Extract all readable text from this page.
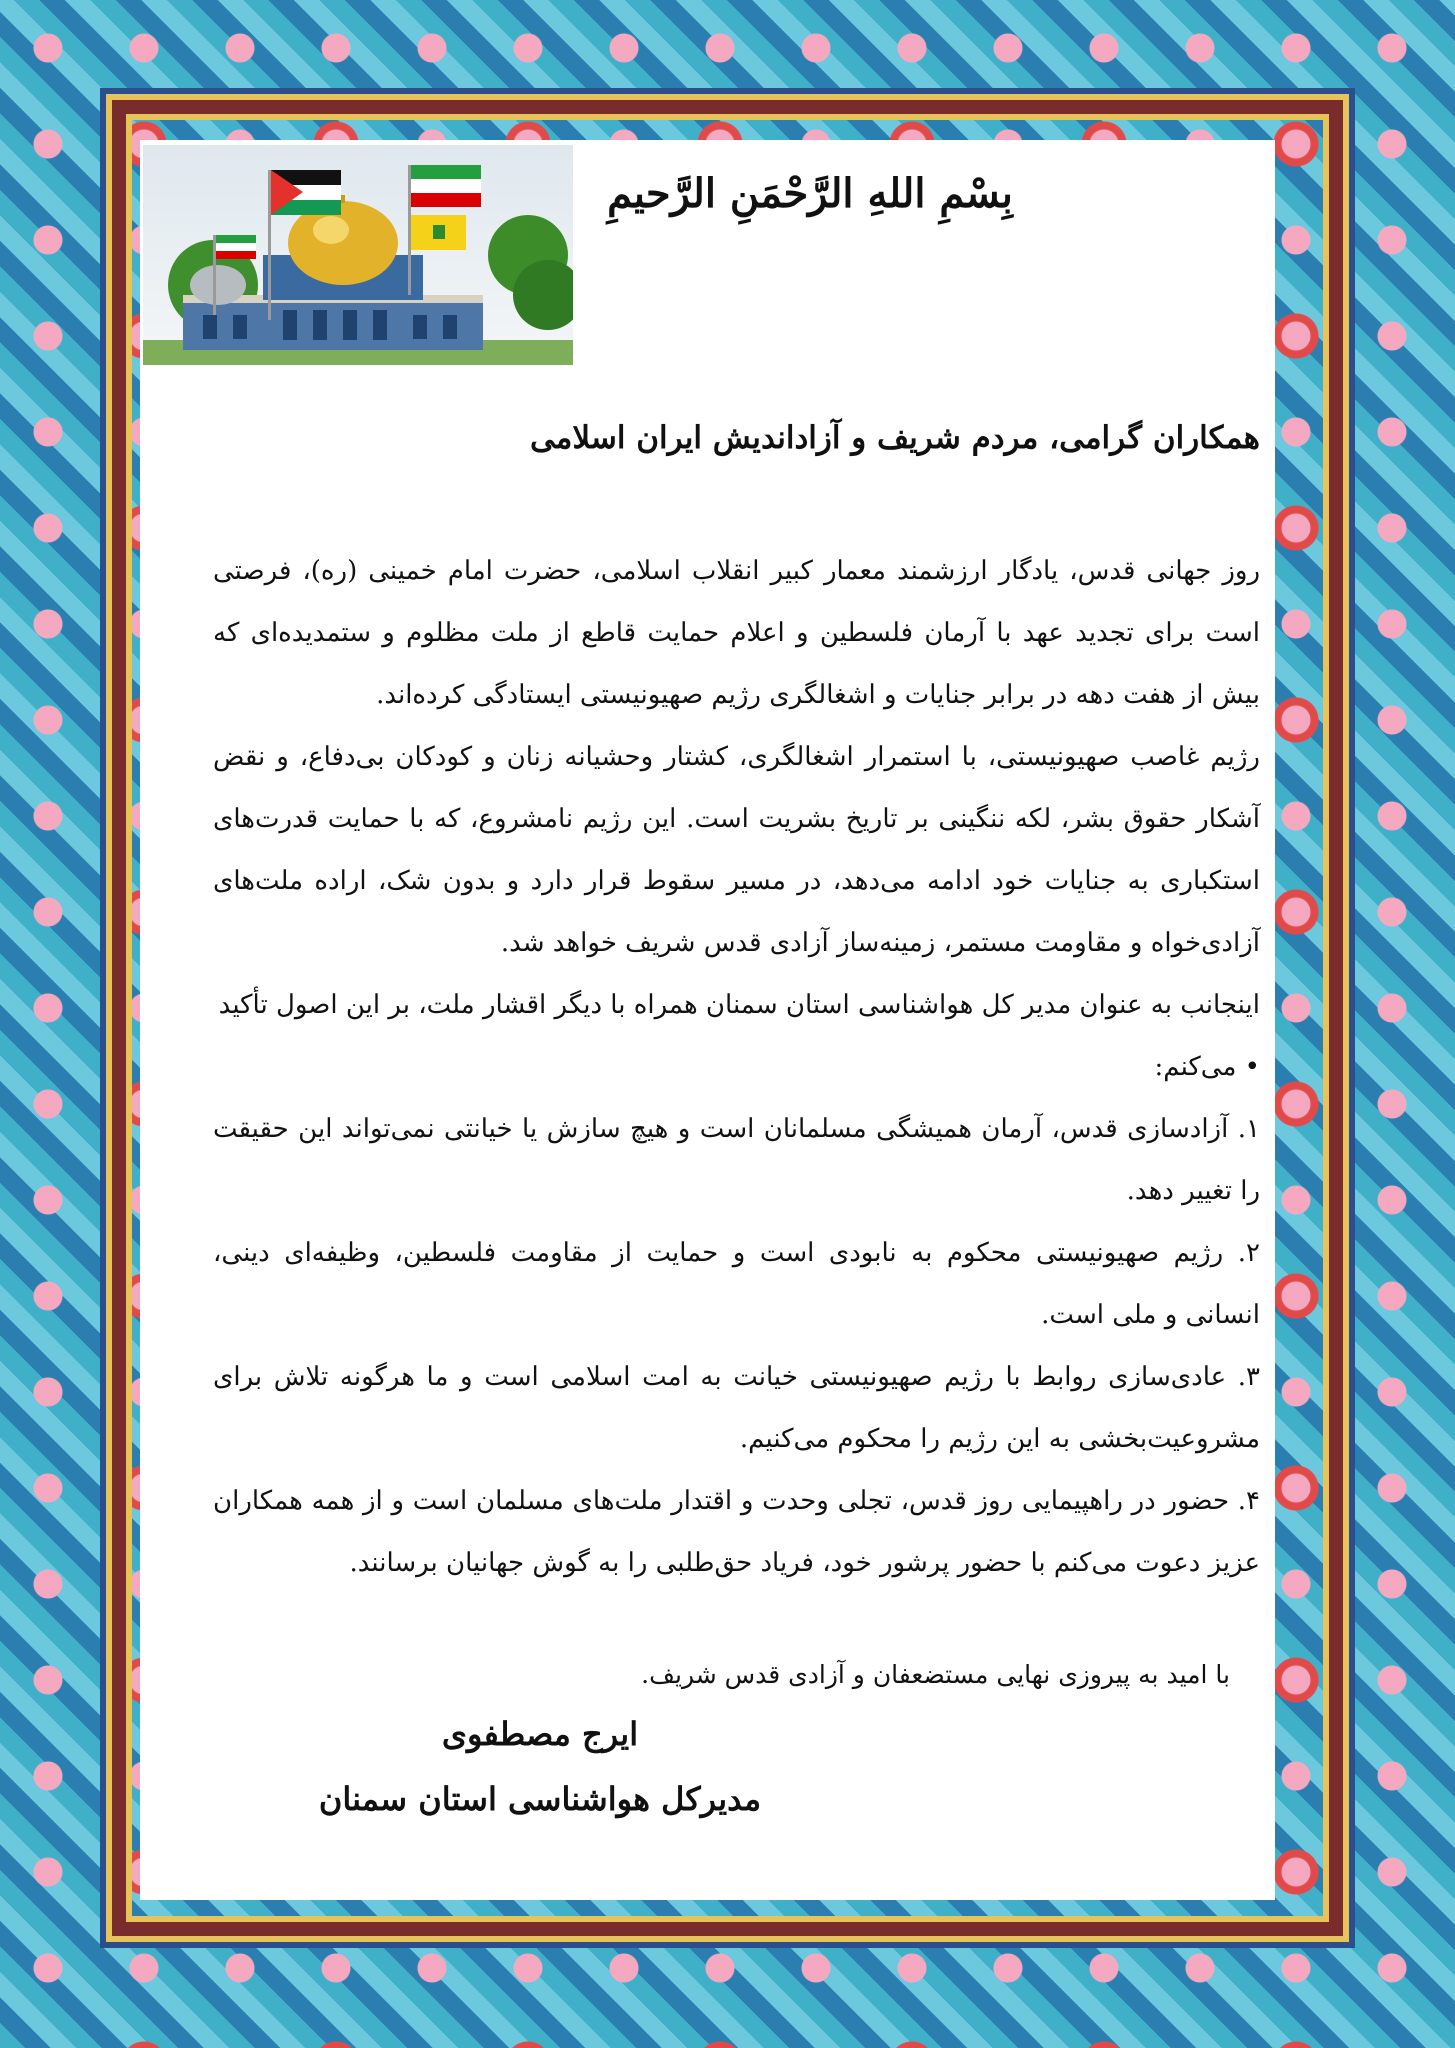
بِسْمِ اللهِ الرَّحْمَنِ الرَّحیمِ
همکاران گرامی، مردم شریف و آزاداندیش ایران اسلامی

روز جهانی قدس، یادگار ارزشمند معمار کبیر انقلاب اسلامی، حضرت امام خمینی (ره)، فرصتی است برای تجدید عهد با آرمان فلسطین و اعلام حمایت قاطع از ملت مظلوم و ستمدیده‌ای که بیش از هفت دهه در برابر جنایات و اشغالگری رژیم صهیونیستی ایستادگی کرده‌اند.

رژیم غاصب صهیونیستی، با استمرار اشغالگری، کشتار وحشیانه زنان و کودکان بی‌دفاع، و نقض آشکار حقوق بشر، لکه ننگینی بر تاریخ بشریت است. این رژیم نامشروع، که با حمایت قدرت‌های استکباری به جنایات خود ادامه می‌دهد، در مسیر سقوط قرار دارد و بدون شک، اراده ملت‌های آزادی‌خواه و مقاومت مستمر، زمینه‌ساز آزادی قدس شریف خواهد شد.

اینجانب به عنوان مدیر کل هواشناسی استان سمنان همراه با دیگر اقشار ملت، بر این اصول تأکید

• می‌کنم:

۱. آزادسازی قدس، آرمان همیشگی مسلمانان است و هیچ سازش یا خیانتی نمی‌تواند این حقیقت را تغییر دهد.

۲. رژیم صهیونیستی محکوم به نابودی است و حمایت از مقاومت فلسطین، وظیفه‌ای دینی، انسانی و ملی است.

۳. عادی‌سازی روابط با رژیم صهیونیستی خیانت به امت اسلامی است و ما هرگونه تلاش برای مشروعیت‌بخشی به این رژیم را محکوم می‌کنیم.

۴. حضور در راهپیمایی روز قدس، تجلی وحدت و اقتدار ملت‌های مسلمان است و از همه همکاران عزیز دعوت می‌کنم با حضور پرشور خود، فریاد حق‌طلبی را به گوش جهانیان برسانند.

با امید به پیروزی نهایی مستضعفان و آزادی قدس شریف.
ایرج مصطفوی
مدیرکل هواشناسی استان سمنان
